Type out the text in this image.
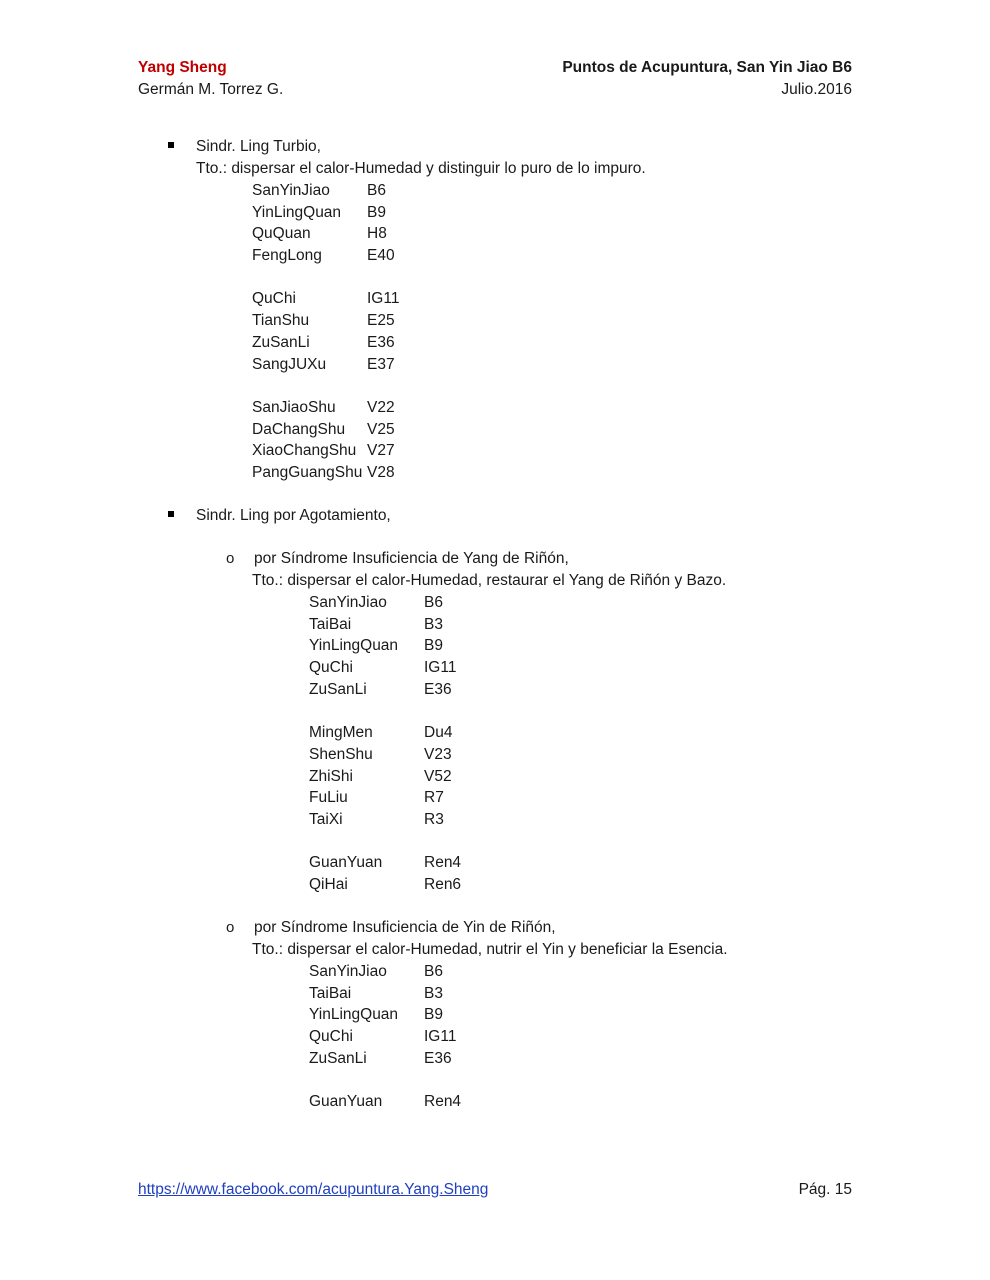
Yang Sheng
Germán M. Torrez G.
Puntos de Acupuntura, San Yin Jiao B6
Julio.2016
Sindr. Ling Turbio,
Tto.: dispersar el calor-Humedad y distinguir lo puro de lo impuro.
SanYinJiao B6
YinLingQuan B9
QuQuan	H8
FengLong	E40
QuChi	IG11
TianShu	E25
ZuSanLi	E36
SangJUXu	E37
SanJiaoShu V22
DaChangShu V25
XiaoChangShu V27
PangGuangShu V28
Sindr. Ling por Agotamiento,
o por Síndrome Insuficiencia de Yang de Riñón,
Tto.: dispersar el calor-Humedad, restaurar el Yang de Riñón y Bazo.
SanYinJiao B6
TaiBai	B3
YinLingQuan B9
QuChi	IG11
ZuSanLi	E36
MingMen	Du4
ShenShu	V23
ZhiShi	V52
FuLiu	R7
TaiXi	R3
GuanYuan	Ren4
QiHai	Ren6
o por Síndrome Insuficiencia de Yin de Riñón,
Tto.: dispersar el calor-Humedad, nutrir el Yin y beneficiar la Esencia.
SanYinJiao B6
TaiBai	B3
YinLingQuan B9
QuChi	IG11
ZuSanLi	E36
GuanYuan	Ren4
https://www.facebook.com/acupuntura.Yang.Sheng	Pág. 15
